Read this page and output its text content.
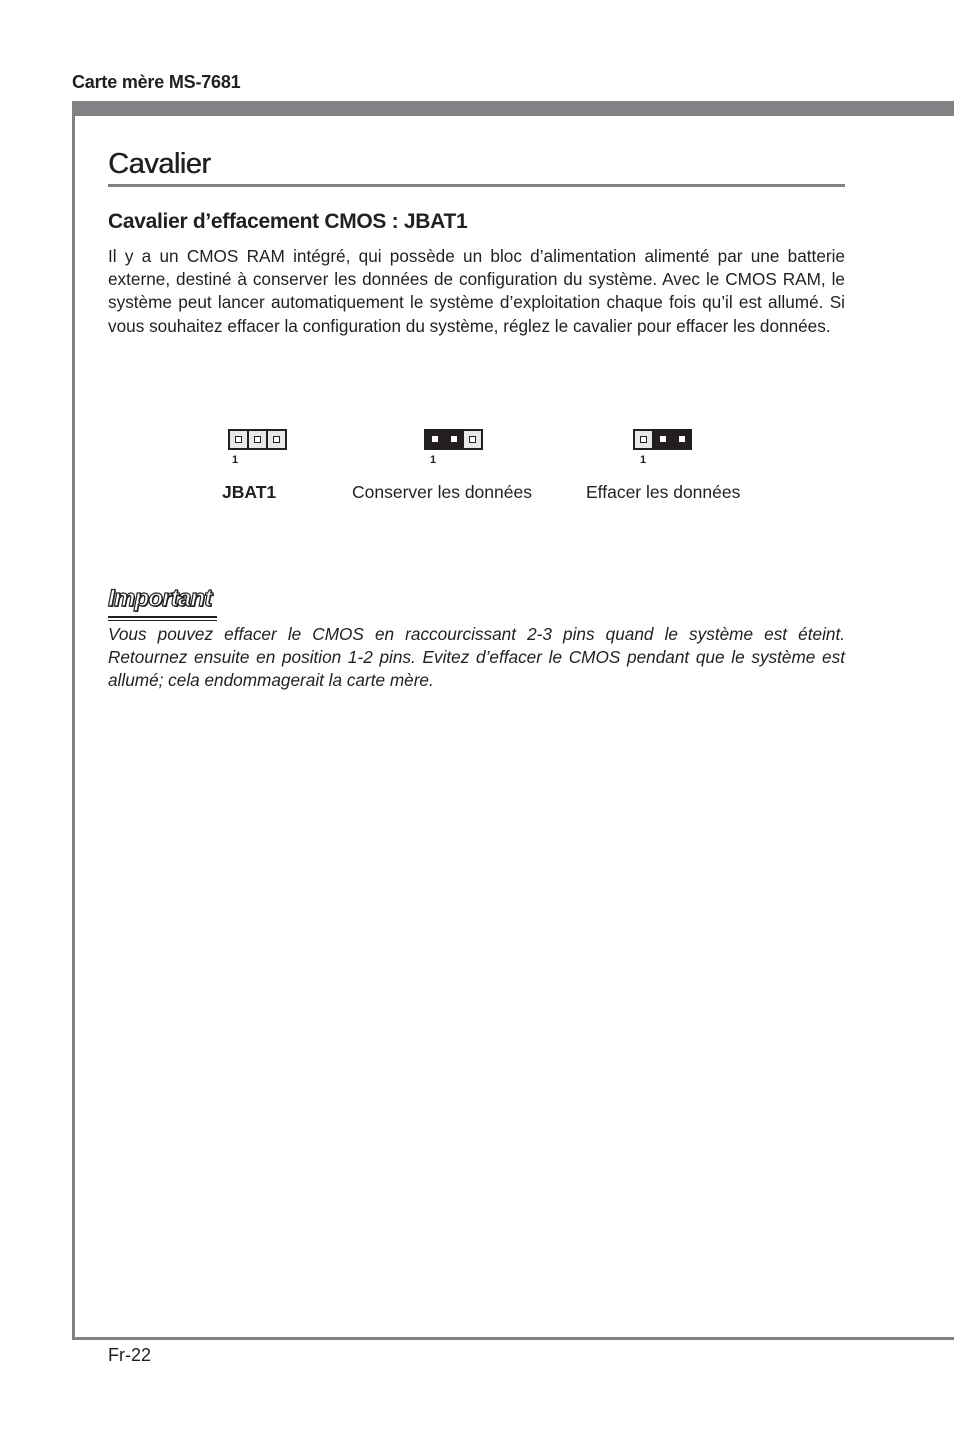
Carte mère MS-7681
Cavalier
Cavalier d’effacement CMOS : JBAT1

Il y a un CMOS RAM intégré, qui possède un bloc d’alimentation alimenté par une batterie externe, destiné à conserver les données de configuration du système. Avec le CMOS RAM, le système peut lancer automatiquement le système d’exploitation chaque fois qu’il est allumé. Si vous souhaitez effacer la configuration du système, réglez le cavalier pour effacer les données.

1
JBAT1
1
Conserver les données
1
Effacer les données
Important

Vous pouvez effacer le CMOS en raccourcissant 2-3 pins quand le système est éteint. Retournez ensuite en position 1-2 pins. Evitez d’effacer le CMOS pendant que le système est allumé; cela endommagerait la carte mère.

Fr-22
